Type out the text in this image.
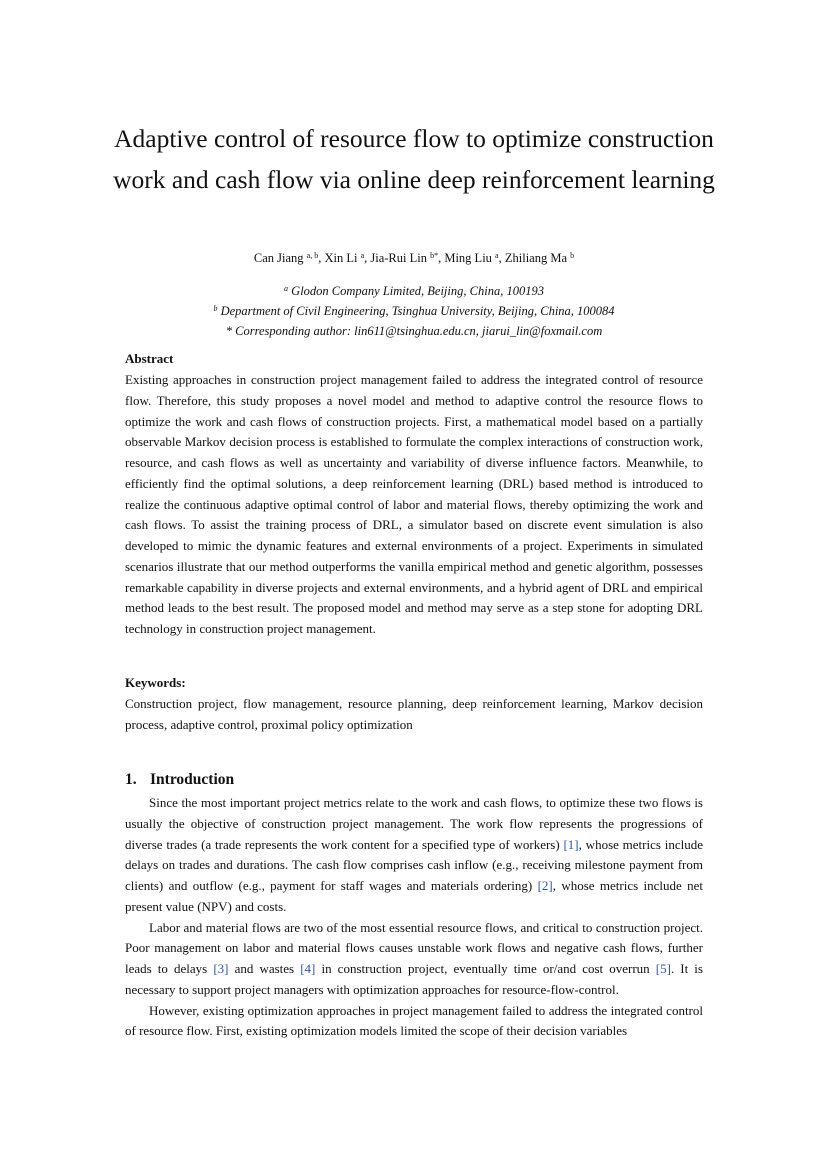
Adaptive control of resource flow to optimize construction work and cash flow via online deep reinforcement learning
Can Jiang $^{a, b}$, Xin Li $^a$, Jia-Rui Lin $^{b*}$, Ming Liu $^a$, Zhiliang Ma $^b$
$^a$ Glodon Company Limited, Beijing, China, 100193
$^b$ Department of Civil Engineering, Tsinghua University, Beijing, China, 100084
* Corresponding author: lin611@tsinghua.edu.cn, jiarui_lin@foxmail.com
Abstract
Existing approaches in construction project management failed to address the integrated control of resource flow. Therefore, this study proposes a novel model and method to adaptive control the resource flows to optimize the work and cash flows of construction projects. First, a mathematical model based on a partially observable Markov decision process is established to formulate the complex interactions of construction work, resource, and cash flows as well as uncertainty and variability of diverse influence factors. Meanwhile, to efficiently find the optimal solutions, a deep reinforcement learning (DRL) based method is introduced to realize the continuous adaptive optimal control of labor and material flows, thereby optimizing the work and cash flows. To assist the training process of DRL, a simulator based on discrete event simulation is also developed to mimic the dynamic features and external environments of a project. Experiments in simulated scenarios illustrate that our method outperforms the vanilla empirical method and genetic algorithm, possesses remarkable capability in diverse projects and external environments, and a hybrid agent of DRL and empirical method leads to the best result. The proposed model and method may serve as a step stone for adopting DRL technology in construction project management.
Keywords:
Construction project, flow management, resource planning, deep reinforcement learning, Markov decision process, adaptive control, proximal policy optimization
1. Introduction

Since the most important project metrics relate to the work and cash flows, to optimize these two flows is usually the objective of construction project management. The work flow represents the progressions of diverse trades (a trade represents the work content for a specified type of workers) [1], whose metrics include delays on trades and durations. The cash flow comprises cash inflow (e.g., receiving milestone payment from clients) and outflow (e.g., payment for staff wages and materials ordering) [2], whose metrics include net present value (NPV) and costs.

Labor and material flows are two of the most essential resource flows, and critical to construction project. Poor management on labor and material flows causes unstable work flows and negative cash flows, further leads to delays [3] and wastes [4] in construction project, eventually time or/and cost overrun [5]. It is necessary to support project managers with optimization approaches for resource-flow-control.

However, existing optimization approaches in project management failed to address the integrated control of resource flow. First, existing optimization models limited the scope of their decision variables
